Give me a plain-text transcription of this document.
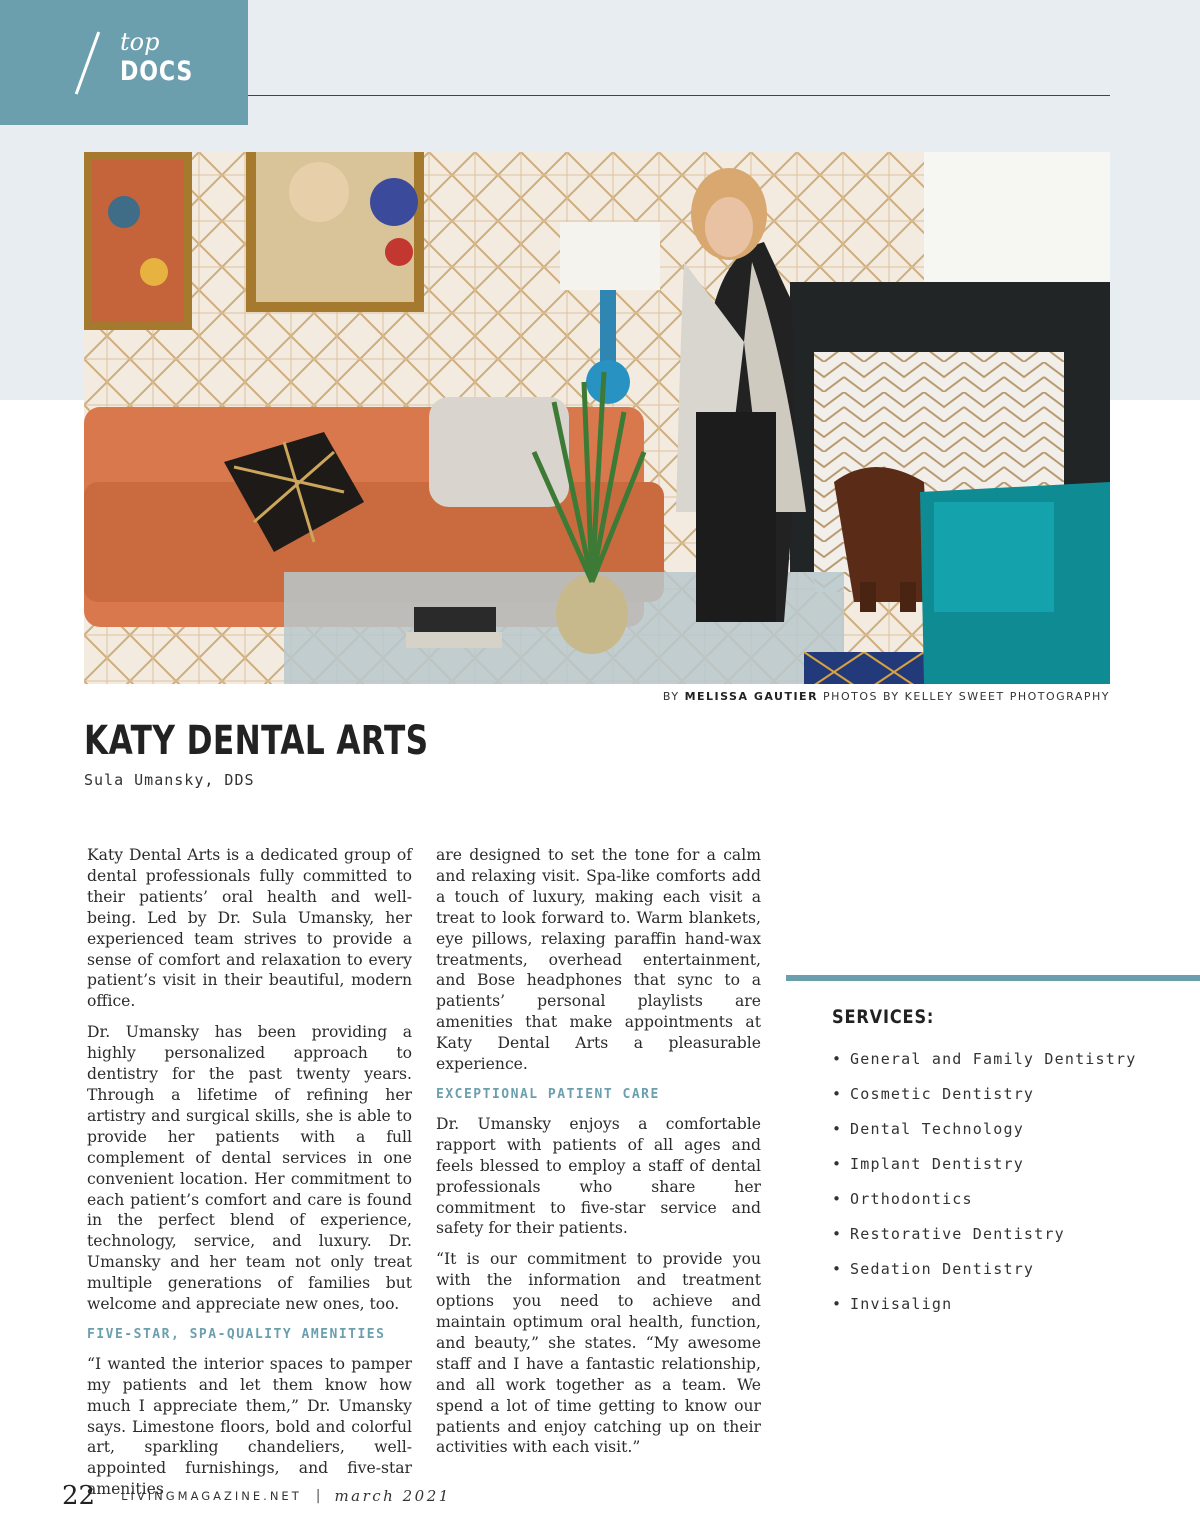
top
DOCS
BY MELISSA GAUTIER PHOTOS BY KELLEY SWEET PHOTOGRAPHY
KATY DENTAL ARTS
Sula Umansky, DDS

Katy Dental Arts is a dedicated group of dental professionals fully committed to their patients’ oral health and well-being. Led by Dr. Sula Umansky, her experienced team strives to provide a sense of comfort and relaxation to every patient’s visit in their beautiful, modern office.

Dr. Umansky has been providing a highly personalized approach to dentistry for the past twenty years. Through a lifetime of refining her artistry and surgical skills, she is able to provide her patients with a full complement of dental services in one convenient location. Her commitment to each patient’s comfort and care is found in the perfect blend of experience, technology, service, and luxury. Dr. Umansky and her team not only treat multiple generations of families but welcome and appreciate new ones, too.

FIVE-STAR, SPA-QUALITY AMENITIES

“I wanted the interior spaces to pamper my patients and let them know how much I appreciate them,” Dr. Umansky says. Limestone floors, bold and colorful art, sparkling chandeliers, well-appointed furnishings, and five-star amenities

are designed to set the tone for a calm and relaxing visit. Spa-like comforts add a touch of luxury, making each visit a treat to look forward to. Warm blankets, eye pillows, relaxing paraffin hand-wax treatments, overhead entertainment, and Bose headphones that sync to a patients’ personal playlists are amenities that make appointments at Katy Dental Arts a pleasurable experience.

EXCEPTIONAL PATIENT CARE

Dr. Umansky enjoys a comfortable rapport with patients of all ages and feels blessed to employ a staff of dental professionals who share her commitment to five-star service and safety for their patients.

“It is our commitment to provide you with the information and treatment options you need to achieve and maintain optimum oral health, function, and beauty,” she states. “My awesome staff and I have a fantastic relationship, and all work together as a team. We spend a lot of time getting to know our patients and enjoy catching up on their activities with each visit.”

SERVICES:
• General and Family Dentistry
• Cosmetic Dentistry
• Dental Technology
• Implant Dentistry
• Orthodontics
• Restorative Dentistry
• Sedation Dentistry
• Invisalign
22 LIVINGMAGAZINE.NET | march 2021
